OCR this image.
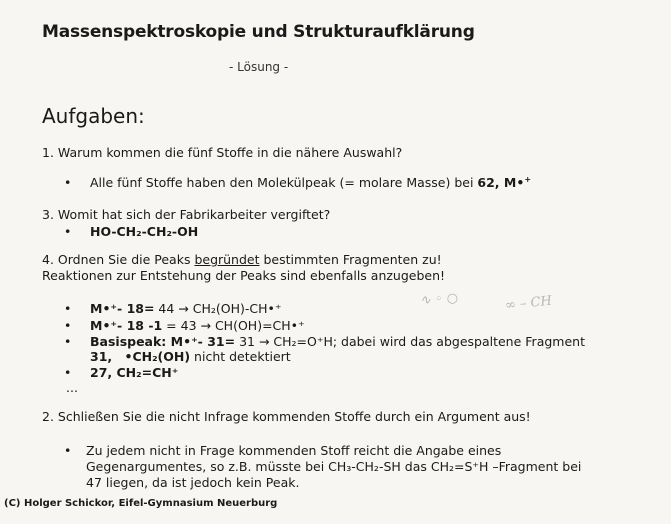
Massenspektroskopie und Strukturaufklärung
- Lösung -
Aufgaben:
1. Warum kommen die fünf Stoffe in die nähere Auswahl?
• Alle fünf Stoffe haben den Molekülpeak (= molare Masse) bei 62, M•+
3. Womit hat sich der Fabrikarbeiter vergiftet?
• HO-CH₂-CH₂-OH
4. Ordnen Sie die Peaks begründet bestimmten Fragmenten zu!
Reaktionen zur Entstehung der Peaks sind ebenfalls anzugeben!
• M•⁺- 18= 44 → CH₂(OH)-CH•⁺
• M•⁺- 18 -1 = 43 → CH(OH)=CH•⁺
• Basispeak: M•⁺- 31= 31 → CH₂=O⁺H; dabei wird das abgespaltene Fragment
31,   •CH₂(OH) nicht detektiert
• 27, CH₂=CH⁺
...
∿ ◦ ○	∞ – CH
2. Schließen Sie die nicht Infrage kommenden Stoffe durch ein Argument aus!
• Zu jedem nicht in Frage kommenden Stoff reicht die Angabe eines
Gegenargumentes, so z.B. müsste bei CH₃-CH₂-SH das CH₂=S⁺H –Fragment bei
47 liegen, da ist jedoch kein Peak.
(C) Holger Schickor, Eifel-Gymnasium Neuerburg
